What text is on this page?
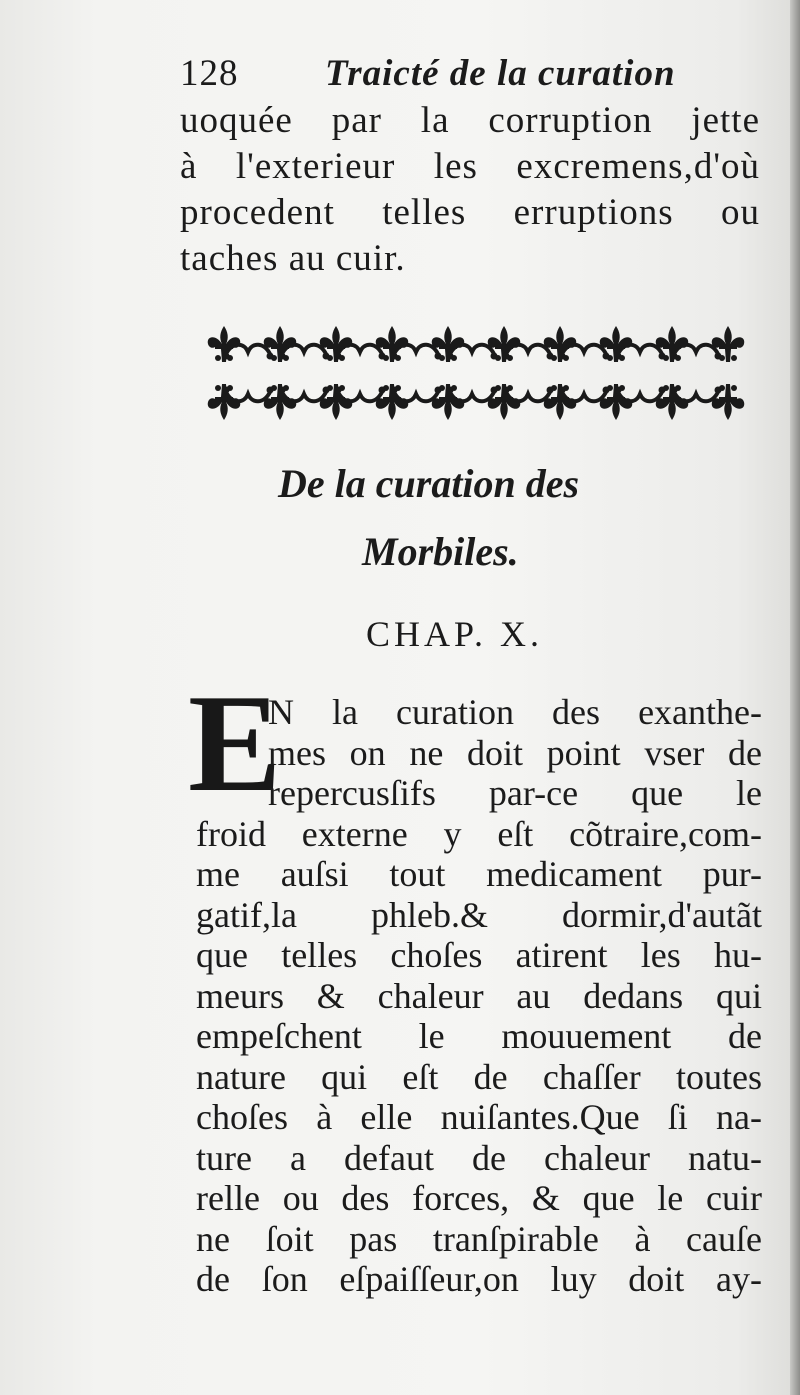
128 Traicté de la curation
uoquée par la corruption jette
à l'exterieur les excremens,d'où
procedent telles erruptions ou
taches au cuir.
De la curation des
Morbiles.
CHAP. X.
E
N la curation des exanthe-
mes on ne doit point vser de
repercusſifs par-ce que le
froid externe y eſt cõtraire,com-
me auſsi tout medicament pur-
gatif,la phleb.& dormir,d'autãt
que telles choſes atirent les hu-
meurs & chaleur au dedans qui
empeſchent le mouuement de
nature qui eſt de chaſſer toutes
choſes à elle nuiſantes.Que ſi na-
ture a defaut de chaleur natu-
relle ou des forces, & que le cuir
ne ſoit pas tranſpirable à cauſe
de ſon eſpaiſſeur,on luy doit ay-
